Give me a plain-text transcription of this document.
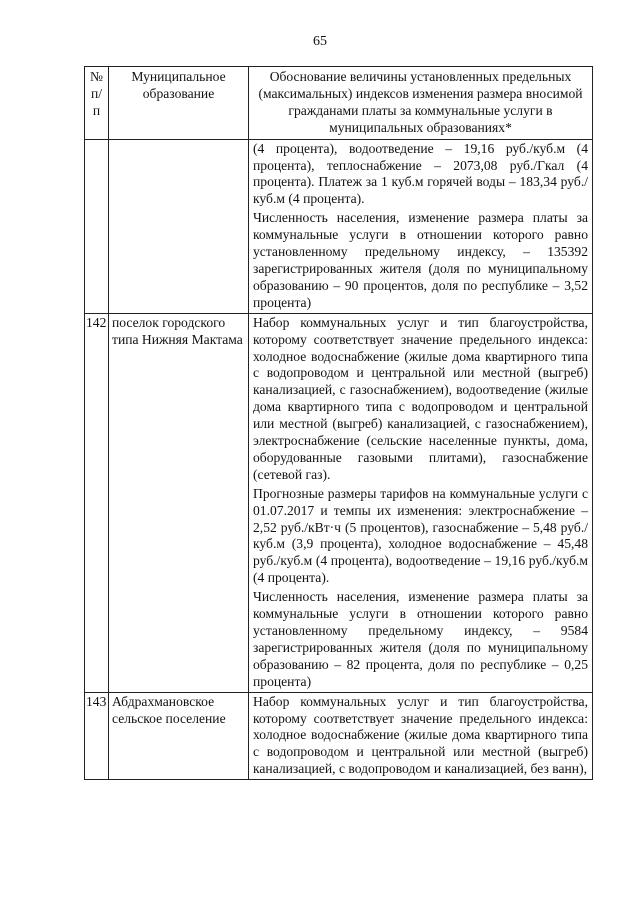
65
№ п/п	Муниципальное образование	Обоснование величины установленных предельных (максимальных) индексов изменения размера вносимой гражданами платы за коммунальные услуги в муниципальных образованиях*

		(4 процента), водоотведение – 19,16 руб./куб.м (4 процента), теплоснабжение – 2073,08 руб./Гкал (4 процента). Платеж за 1 куб.м горячей воды – 183,34 руб./куб.м (4 процента).

Численность населения, изменение размера платы за коммунальные услуги в отношении которого равно установленному предельному индексу, – 135392 зарегистрированных жителя (доля по муниципальному образованию – 90 процентов, доля по республике – 3,52 процента)

142	поселок городского типа Нижняя Мактама	Набор коммунальных услуг и тип благоустройства, которому соответствует значение предельного индекса: холодное водоснабжение (жилые дома квартирного типа с водопроводом и центральной или местной (выгреб) канализацией, с газоснабжением), водоотведение (жилые дома квартирного типа с водопроводом и центральной или местной (выгреб) канализацией, с газоснабжением), электроснабжение (сельские населенные пункты, дома, оборудованные газовыми плитами), газоснабжение (сетевой газ).

Прогнозные размеры тарифов на коммунальные услуги с 01.07.2017 и темпы их изменения: электроснабжение – 2,52 руб./кВт·ч (5 процентов), газоснабжение – 5,48 руб./куб.м (3,9 процента), холодное водоснабжение – 45,48 руб./куб.м (4 процента), водоотведение – 19,16 руб./куб.м (4 процента).

Численность населения, изменение размера платы за коммунальные услуги в отношении которого равно установленному предельному индексу, – 9584 зарегистрированных жителя (доля по муниципальному образованию – 82 процента, доля по республике – 0,25 процента)

143	Абдрахмановское сельское поселение	Набор коммунальных услуг и тип благоустройства, которому соответствует значение предельного индекса: холодное водоснабжение (жилые дома квартирного типа с водопроводом и центральной или местной (выгреб) канализацией, с водопроводом и канализацией, без ванн),
